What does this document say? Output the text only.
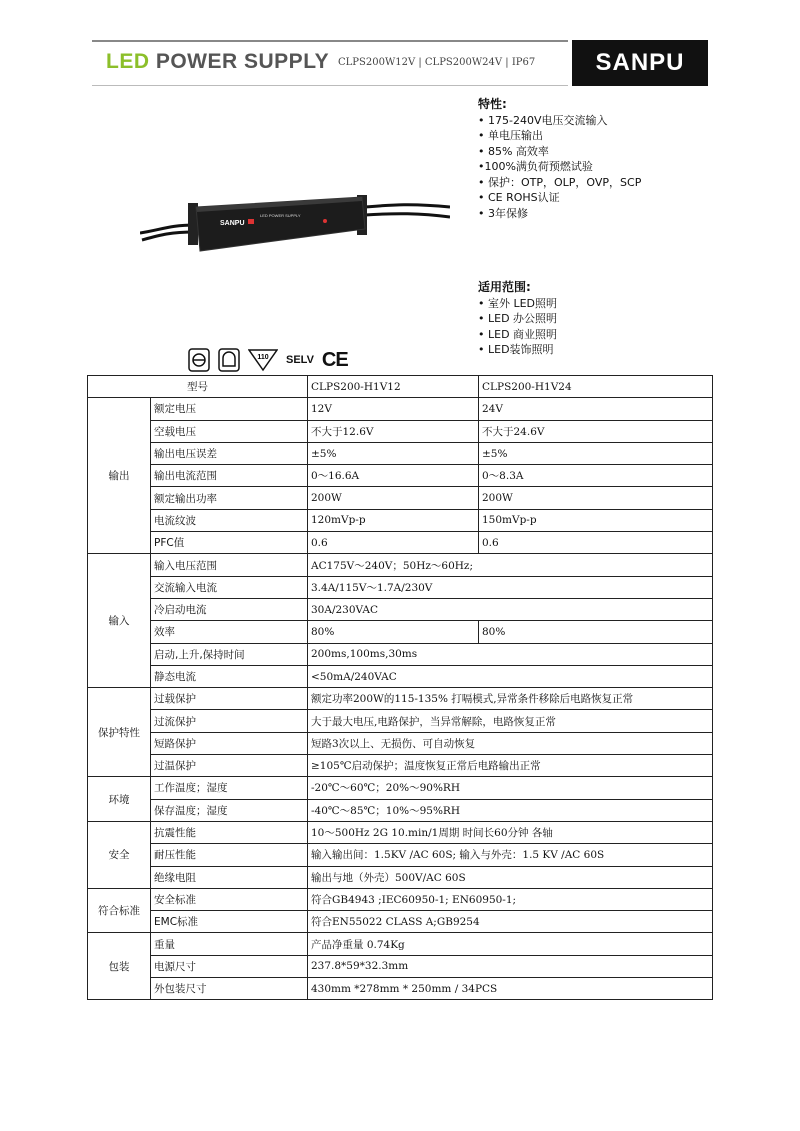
LED POWER SUPPLY CLPS200W12V | CLPS200W24V | IP67	SANPU
SANPU
LED POWER SUPPLY
特性:
• 175-240V电压交流输入
• 单电压输出
• 85% 高效率
•100%满负荷预燃试验
• 保护：OTP，OLP，OVP，SCP
• CE ROHS认证
• 3年保修
适用范围:
• 室外 LED照明
• LED 办公照明
• LED 商业照明
• LED装饰照明
110 SELV CE
型号		CLPS200-H1V12	CLPS200-H1V24
输出	额定电压	12V	24V
	空载电压	不大于12.6V	不大于24.6V
	输出电压误差	±5%	±5%
	输出电流范围	0～16.6A	0～8.3A
	额定输出功率	200W	200W
	电流纹波	120mVp-p	150mVp-p
	PFC值	0.6	0.6
输入	输入电压范围	AC175V～240V；50Hz～60Hz;	
	交流输入电流	3.4A/115V～1.7A/230V	
	冷启动电流	30A/230VAC	
	效率	80%	80%
	启动,上升,保持时间	200ms,100ms,30ms	
	静态电流	<50mA/240VAC	
保护特性	过载保护	额定功率200W的115-135% 打嗝模式,异常条件移除后电路恢复正常	
	过流保护	大于最大电压,电路保护，当异常解除，电路恢复正常	
	短路保护	短路3次以上、无损伤、可自动恢复	
	过温保护	≥105℃启动保护；温度恢复正常后电路输出正常	
环境	工作温度；湿度	-20℃～60℃；20%～90%RH	
	保存温度；湿度	-40℃～85℃；10%～95%RH	
安全	抗震性能	10～500Hz 2G 10.min/1周期 时间长60分钟 各轴	
	耐压性能	输入输出间：1.5KV /AC 60S; 输入与外壳：1.5 KV /AC 60S	
	绝缘电阻	输出与地（外壳）500V/AC 60S	
符合标准	安全标准	符合GB4943 ;IEC60950-1; EN60950-1;	
	EMC标准	符合EN55022 CLASS A;GB9254	
包装	重量	产品净重量 0.74Kg	
	电源尺寸	237.8*59*32.3mm	
	外包装尺寸	430mm *278mm * 250mm / 34PCS	
